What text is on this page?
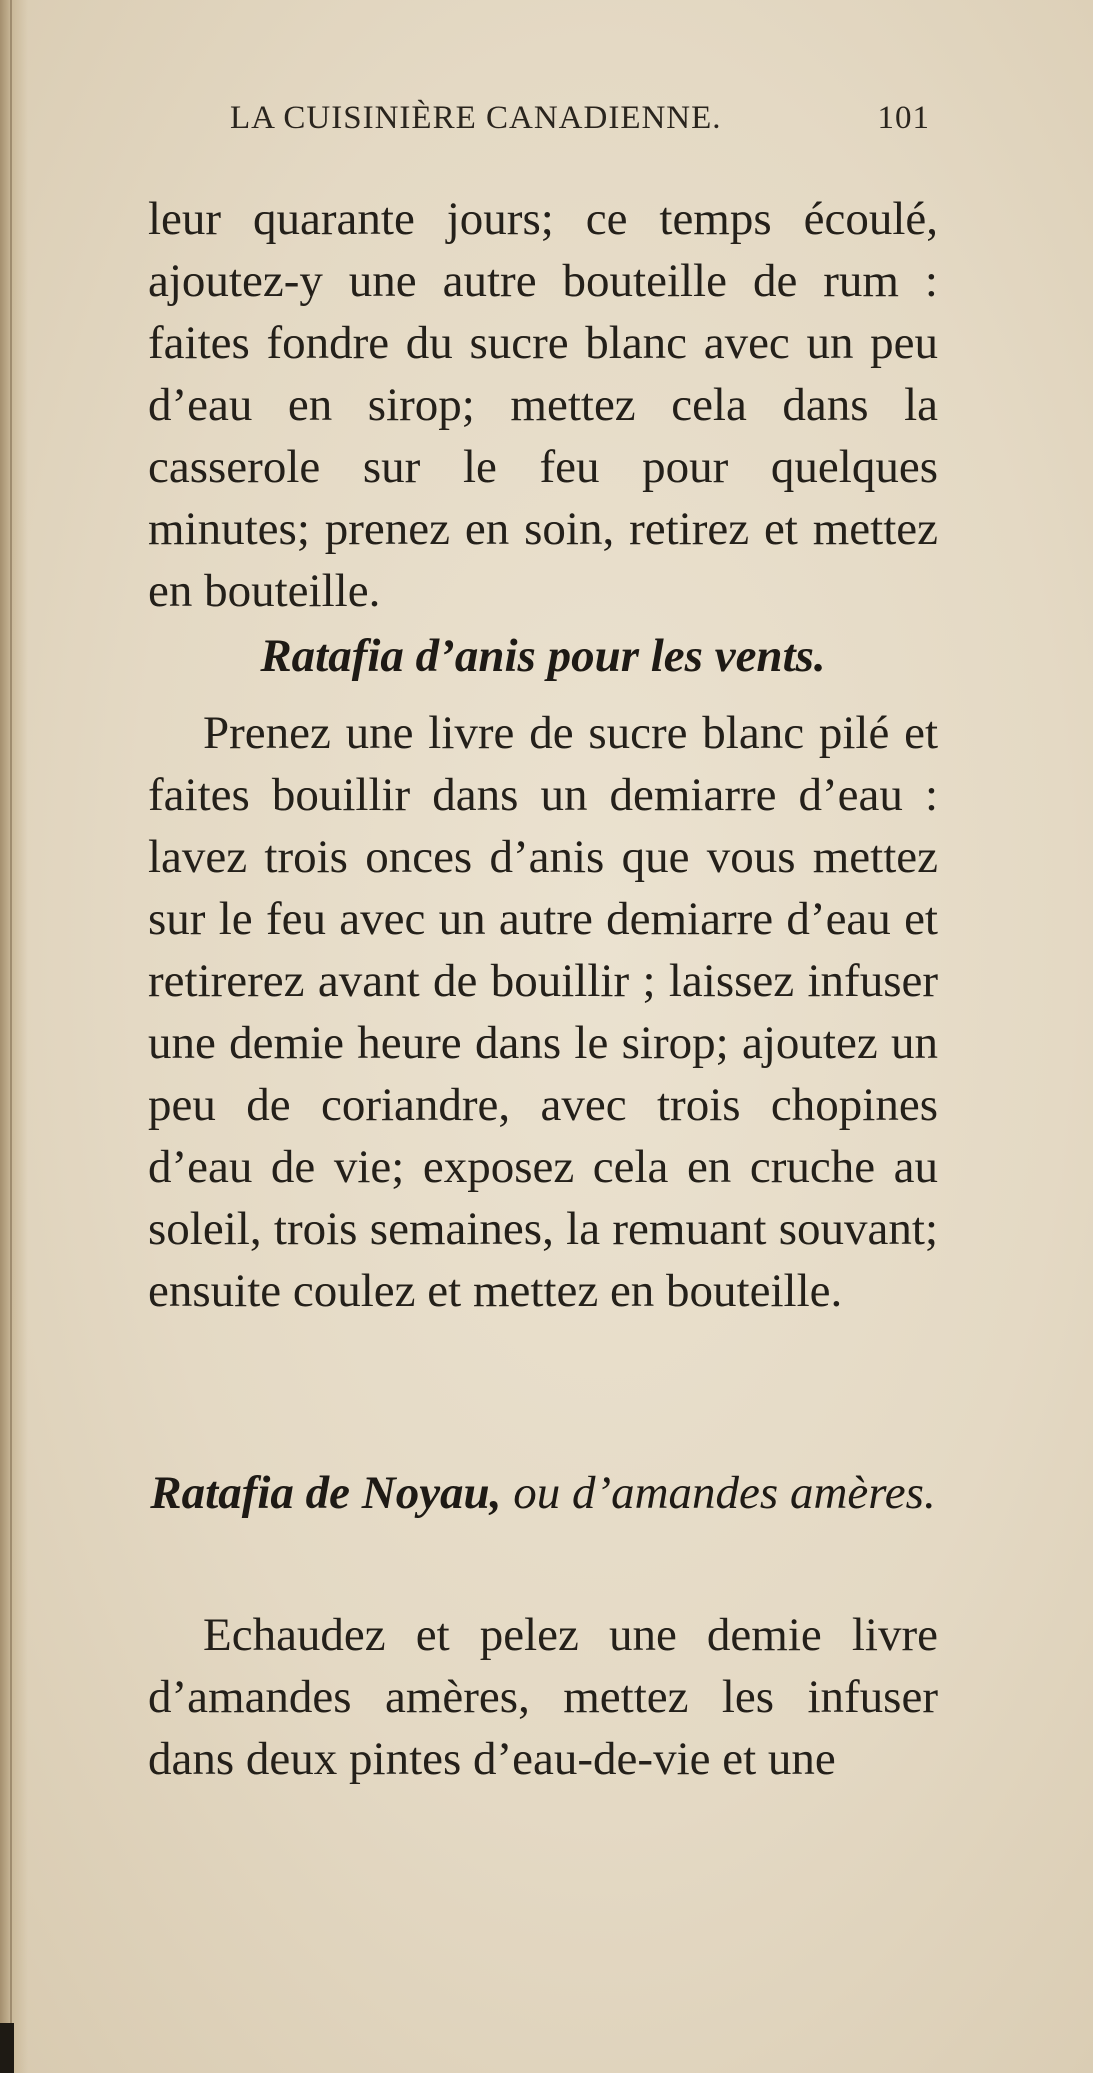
LA CUISINIÈRE CANADIENNE.	101

leur quarante jours; ce temps écoulé, ajoutez-y une autre bouteille de rum : faites fondre du sucre blanc avec un peu d’eau en sirop; mettez cela dans la casserole sur le feu pour quelques minutes; prenez en soin, retirez et mettez en bouteille.

Ratafia d’anis pour les vents.

Prenez une livre de sucre blanc pilé et faites bouillir dans un demiarre d’eau : lavez trois onces d’anis que vous mettez sur le feu avec un autre demiarre d’eau et retirerez avant de bouillir ; laissez infuser une demie heure dans le sirop; ajoutez un peu de coriandre, avec trois chopines d’eau de vie; exposez cela en cruche au soleil, trois semaines, la remuant souvant; ensuite coulez et mettez en bouteille.

Ratafia de Noyau, ou d’amandes amères.

Echaudez et pelez une demie livre d’amandes amères, mettez les infuser dans deux pintes d’eau-de-vie et une
